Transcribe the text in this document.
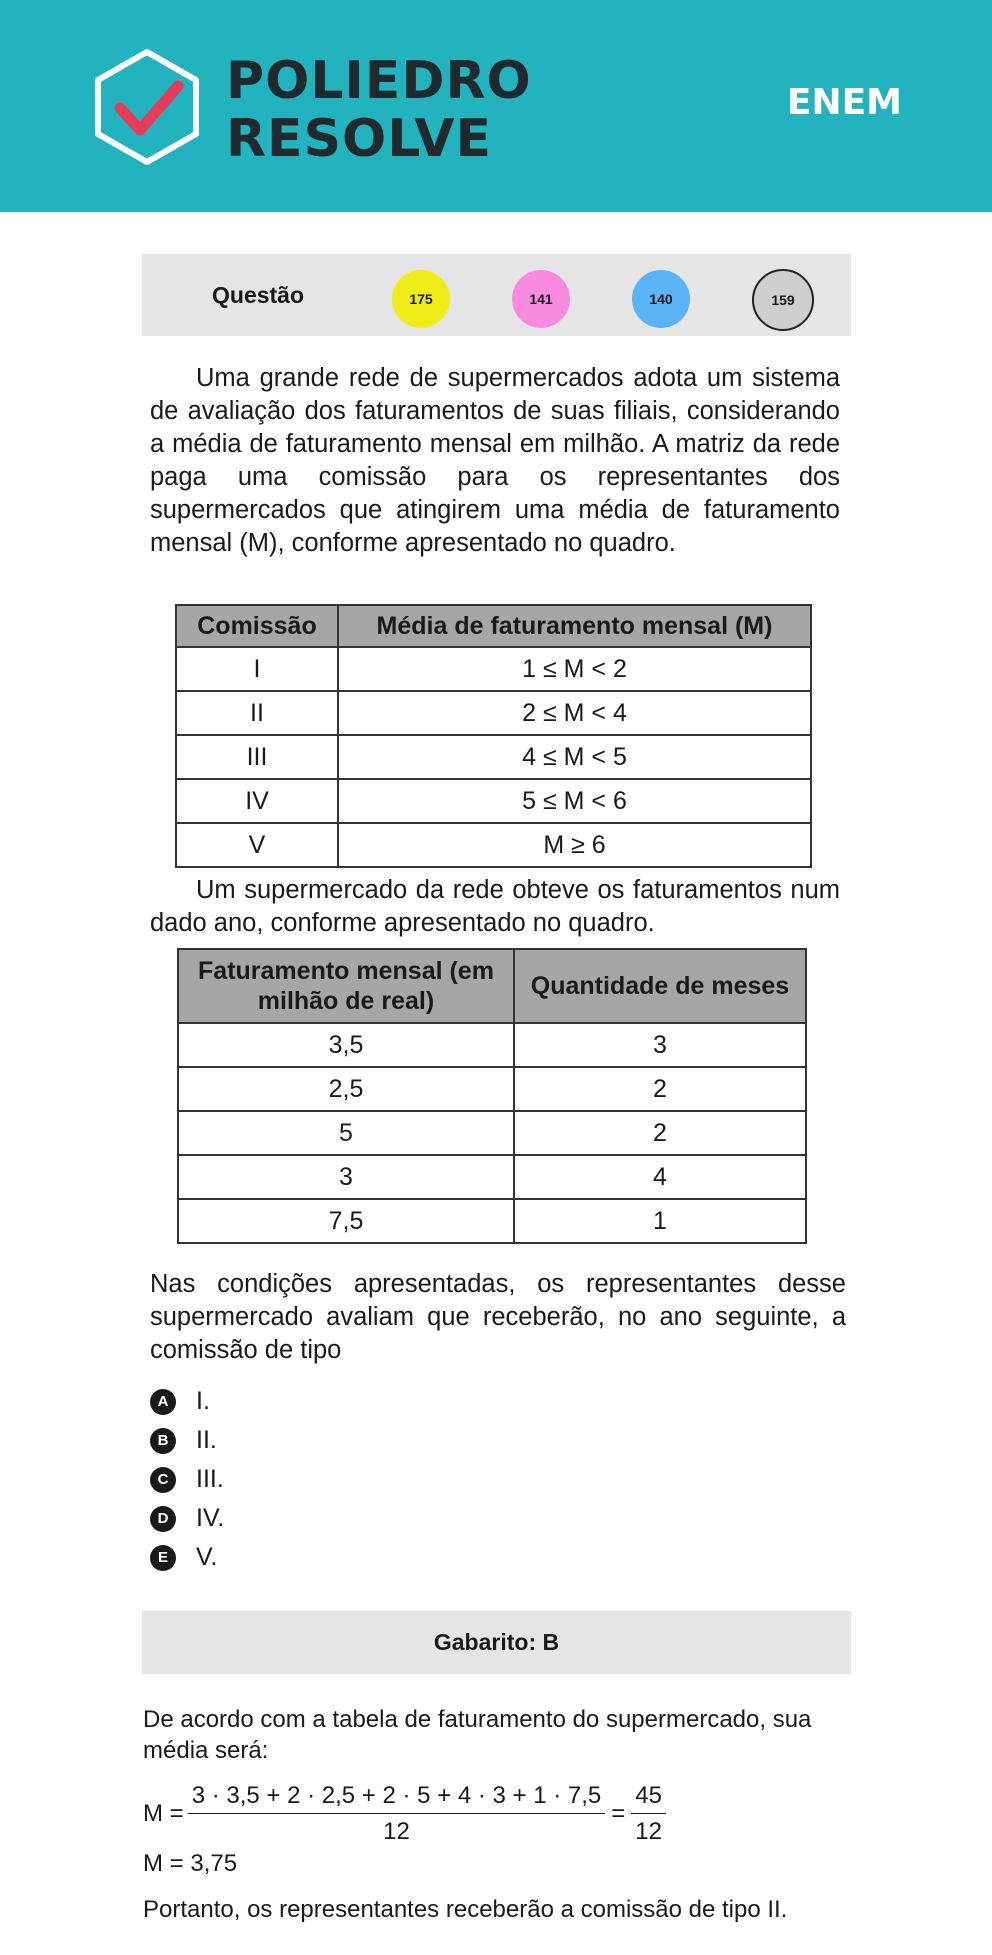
POLIEDRO
RESOLVE
ENEM
Questão	175	141	140	159

Uma grande rede de supermercados adota um sistema de avaliação dos faturamentos de suas filiais, considerando a média de faturamento mensal em milhão. A matriz da rede paga uma comissão para os representantes dos supermercados que atingirem uma média de faturamento mensal (M), conforme apresentado no quadro.

Comissão	Média de faturamento mensal (M)
I	1 ≤ M < 2
II	2 ≤ M < 4
III	4 ≤ M < 5
IV	5 ≤ M < 6
V	M ≥ 6

Um supermercado da rede obteve os faturamentos num dado ano, conforme apresentado no quadro.

Faturamento mensal (em milhão de real)	Quantidade de meses
3,5	3
2,5	2
5	2
3	4
7,5	1

Nas condições apresentadas, os representantes desse supermercado avaliam que receberão, no ano seguinte, a comissão de tipo

A	I.
B	II.
C	III.
D	IV.
E	V.
Gabarito: B
De acordo com a tabela de faturamento do supermercado, sua média será:
$M = \frac{3 \cdot 3,5 + 2 \cdot 2,5 + 2 \cdot 5 + 4 \cdot 3 + 1 \cdot 7,5}{12} = \frac{45}{12}$
M = 3,75
Portanto, os representantes receberão a comissão de tipo II.
